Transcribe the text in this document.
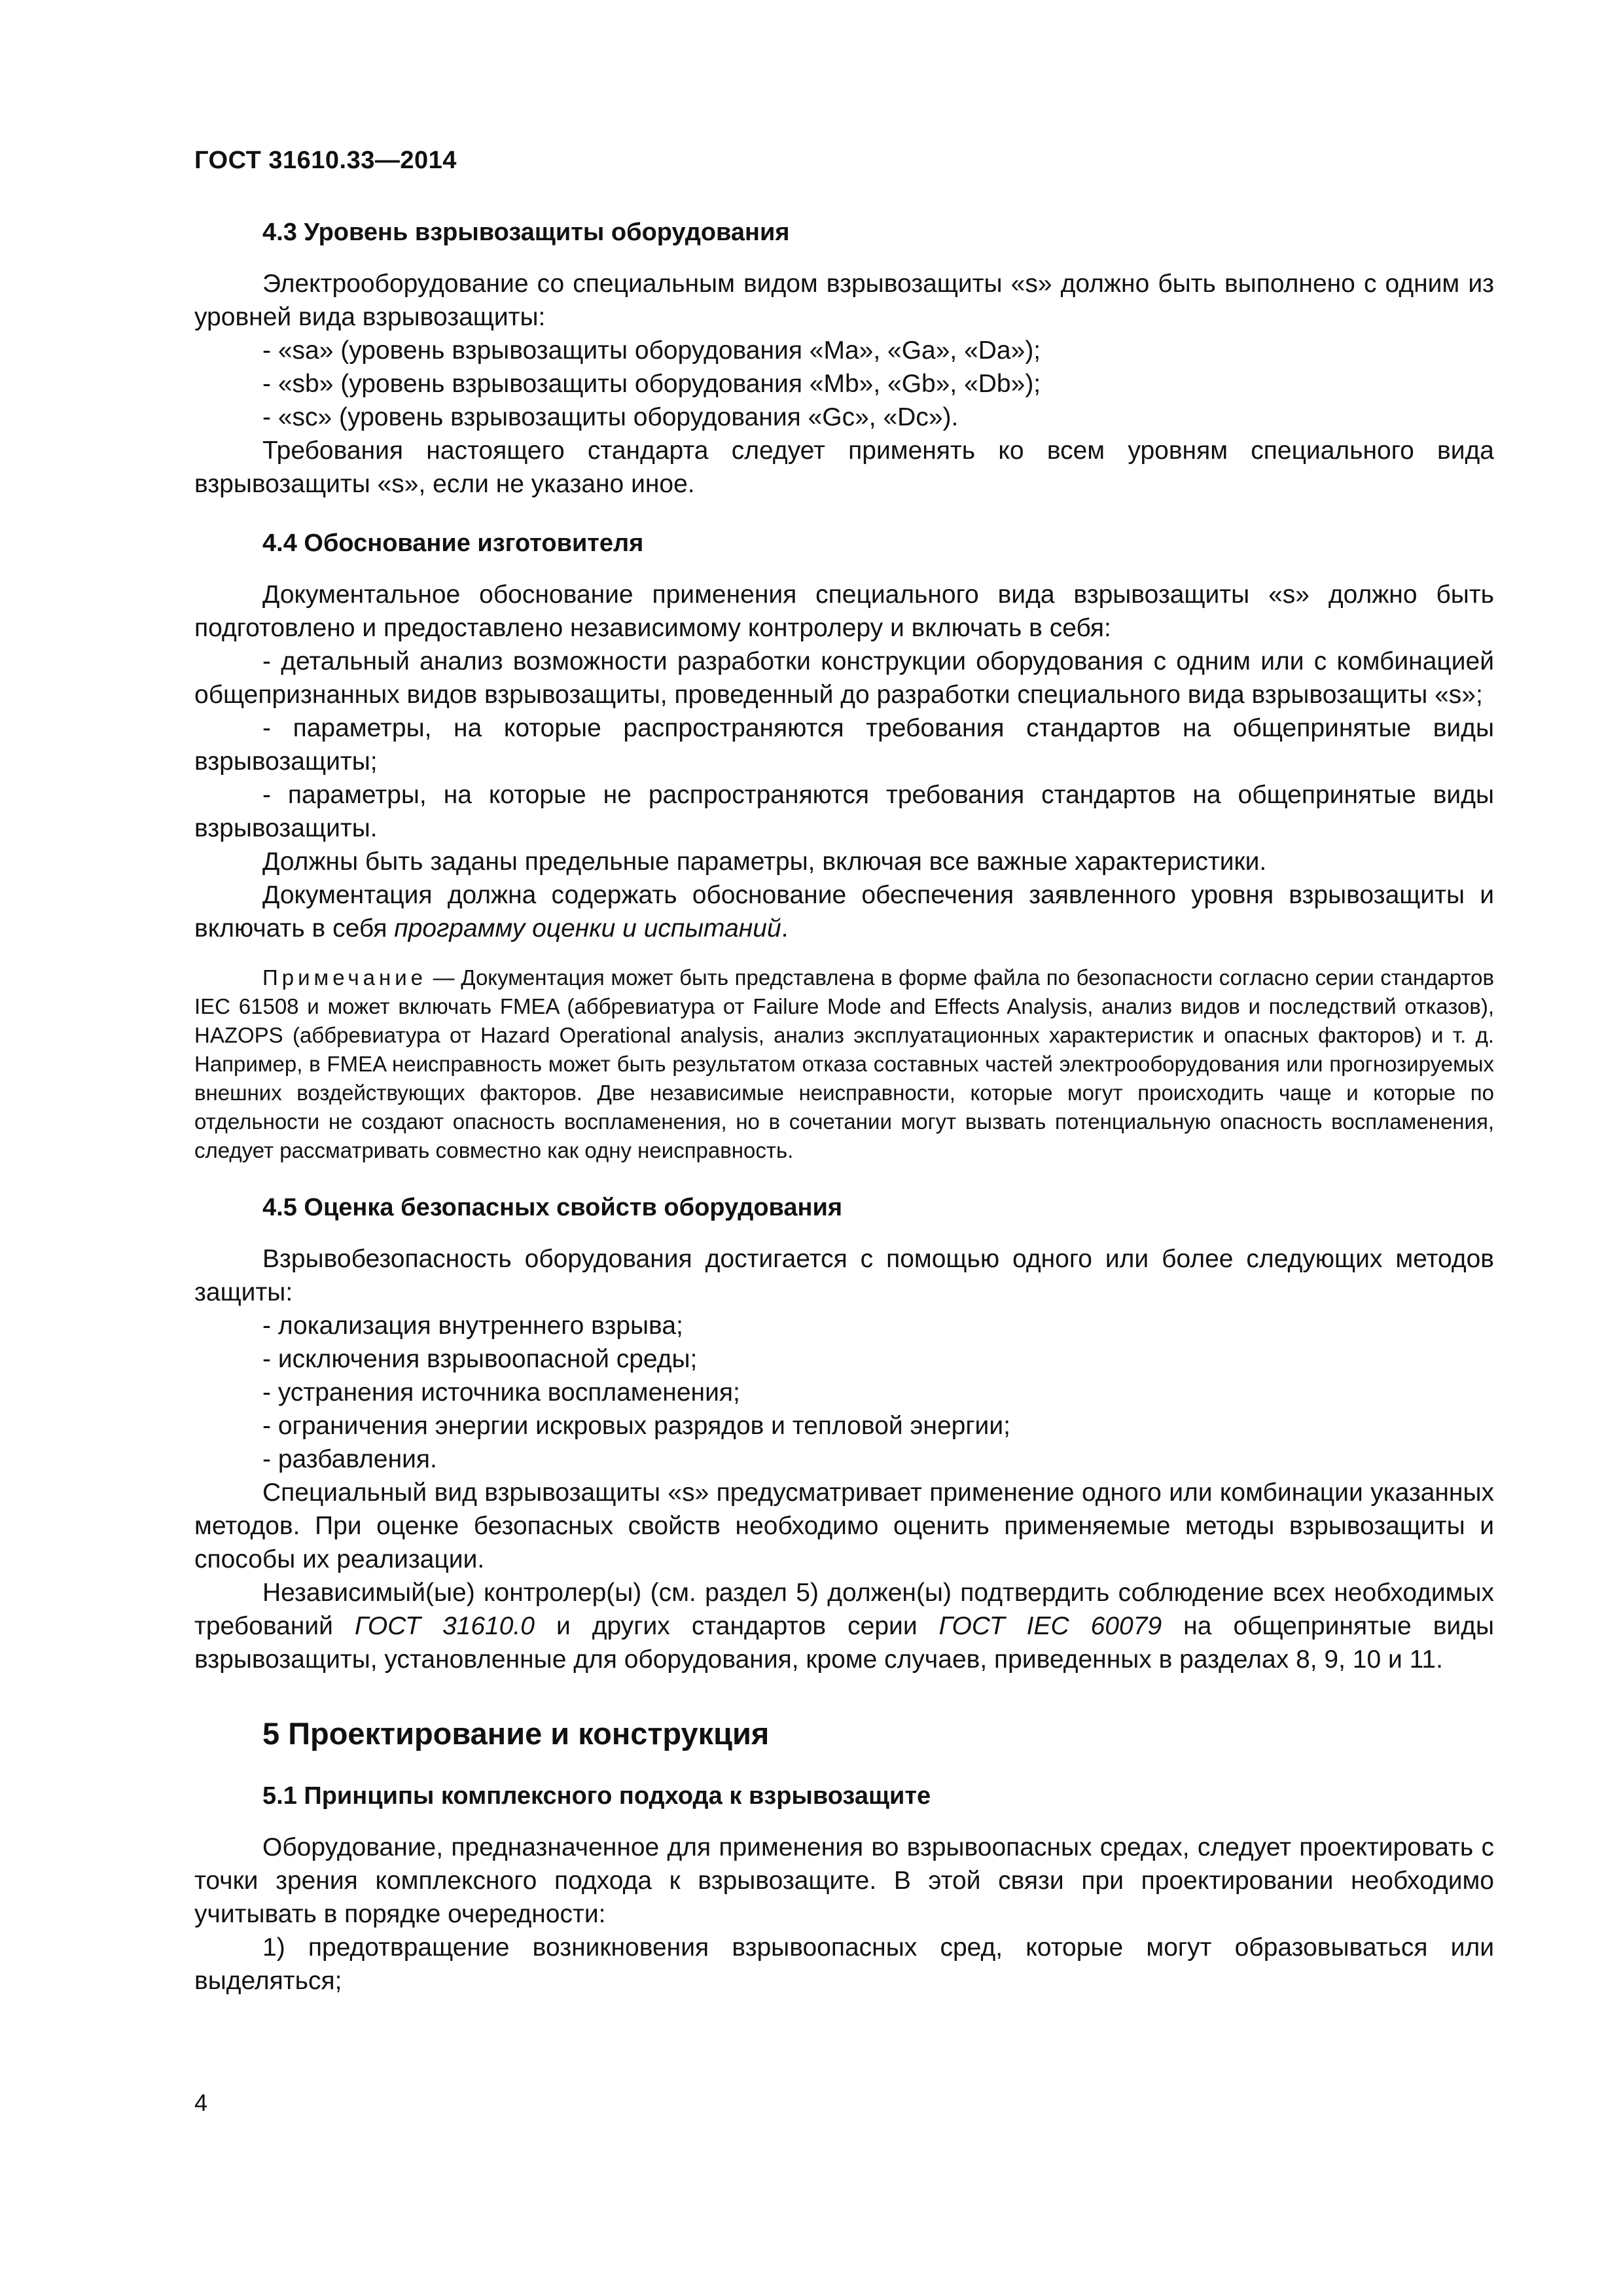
ГОСТ 31610.33—2014
4.3 Уровень взрывозащиты оборудования

Электрооборудование со специальным видом взрывозащиты «s» должно быть выполнено с одним из уровней вида взрывозащиты:

- «sa» (уровень взрывозащиты оборудования «Ma», «Ga», «Da»);

- «sb» (уровень взрывозащиты оборудования «Mb», «Gb», «Db»);

- «sc» (уровень взрывозащиты оборудования «Gc», «Dc»).

Требования настоящего стандарта следует применять ко всем уровням специального вида взрывозащиты «s», если не указано иное.

4.4 Обоснование изготовителя

Документальное обоснование применения специального вида взрывозащиты «s» должно быть подготовлено и предоставлено независимому контролеру и включать в себя:

- детальный анализ возможности разработки конструкции оборудования с одним или с комбинацией общепризнанных видов взрывозащиты, проведенный до разработки специального вида взрывозащиты «s»;

- параметры, на которые распространяются требования стандартов на общепринятые виды взрывозащиты;

- параметры, на которые не распространяются требования стандартов на общепринятые виды взрывозащиты.

Должны быть заданы предельные параметры, включая все важные характеристики.

Документация должна содержать обоснование обеспечения заявленного уровня взрывозащиты и включать в себя программу оценки и испытаний.

Примечание — Документация может быть представлена в форме файла по безопасности согласно серии стандартов IEC 61508 и может включать FMEA (аббревиатура от Failure Mode and Effects Analysis, анализ видов и последствий отказов), HAZOPS (аббревиатура от Hazard Operational analysis, анализ эксплуатационных характеристик и опасных факторов) и т. д. Например, в FMEA неисправность может быть результатом отказа составных частей электрооборудования или прогнозируемых внешних воздействующих факторов. Две независимые неисправности, которые могут происходить чаще и которые по отдельности не создают опасность воспламенения, но в сочетании могут вызвать потенциальную опасность воспламенения, следует рассматривать совместно как одну неисправность.

4.5 Оценка безопасных свойств оборудования

Взрывобезопасность оборудования достигается с помощью одного или более следующих методов защиты:

- локализация внутреннего взрыва;

- исключения взрывоопасной среды;

- устранения источника воспламенения;

- ограничения энергии искровых разрядов и тепловой энергии;

- разбавления.

Специальный вид взрывозащиты «s» предусматривает применение одного или комбинации указанных методов. При оценке безопасных свойств необходимо оценить применяемые методы взрывозащиты и способы их реализации.

Независимый(ые) контролер(ы) (см. раздел 5) должен(ы) подтвердить соблюдение всех необходимых требований ГОСТ 31610.0 и других стандартов серии ГОСТ IEC 60079 на общепринятые виды взрывозащиты, установленные для оборудования, кроме случаев, приведенных в разделах 8, 9, 10 и 11.

5 Проектирование и конструкция
5.1 Принципы комплексного подхода к взрывозащите

Оборудование, предназначенное для применения во взрывоопасных средах, следует проектировать с точки зрения комплексного подхода к взрывозащите. В этой связи при проектировании необходимо учитывать в порядке очередности:

1) предотвращение возникновения взрывоопасных сред, которые могут образовываться или выделяться;

4
